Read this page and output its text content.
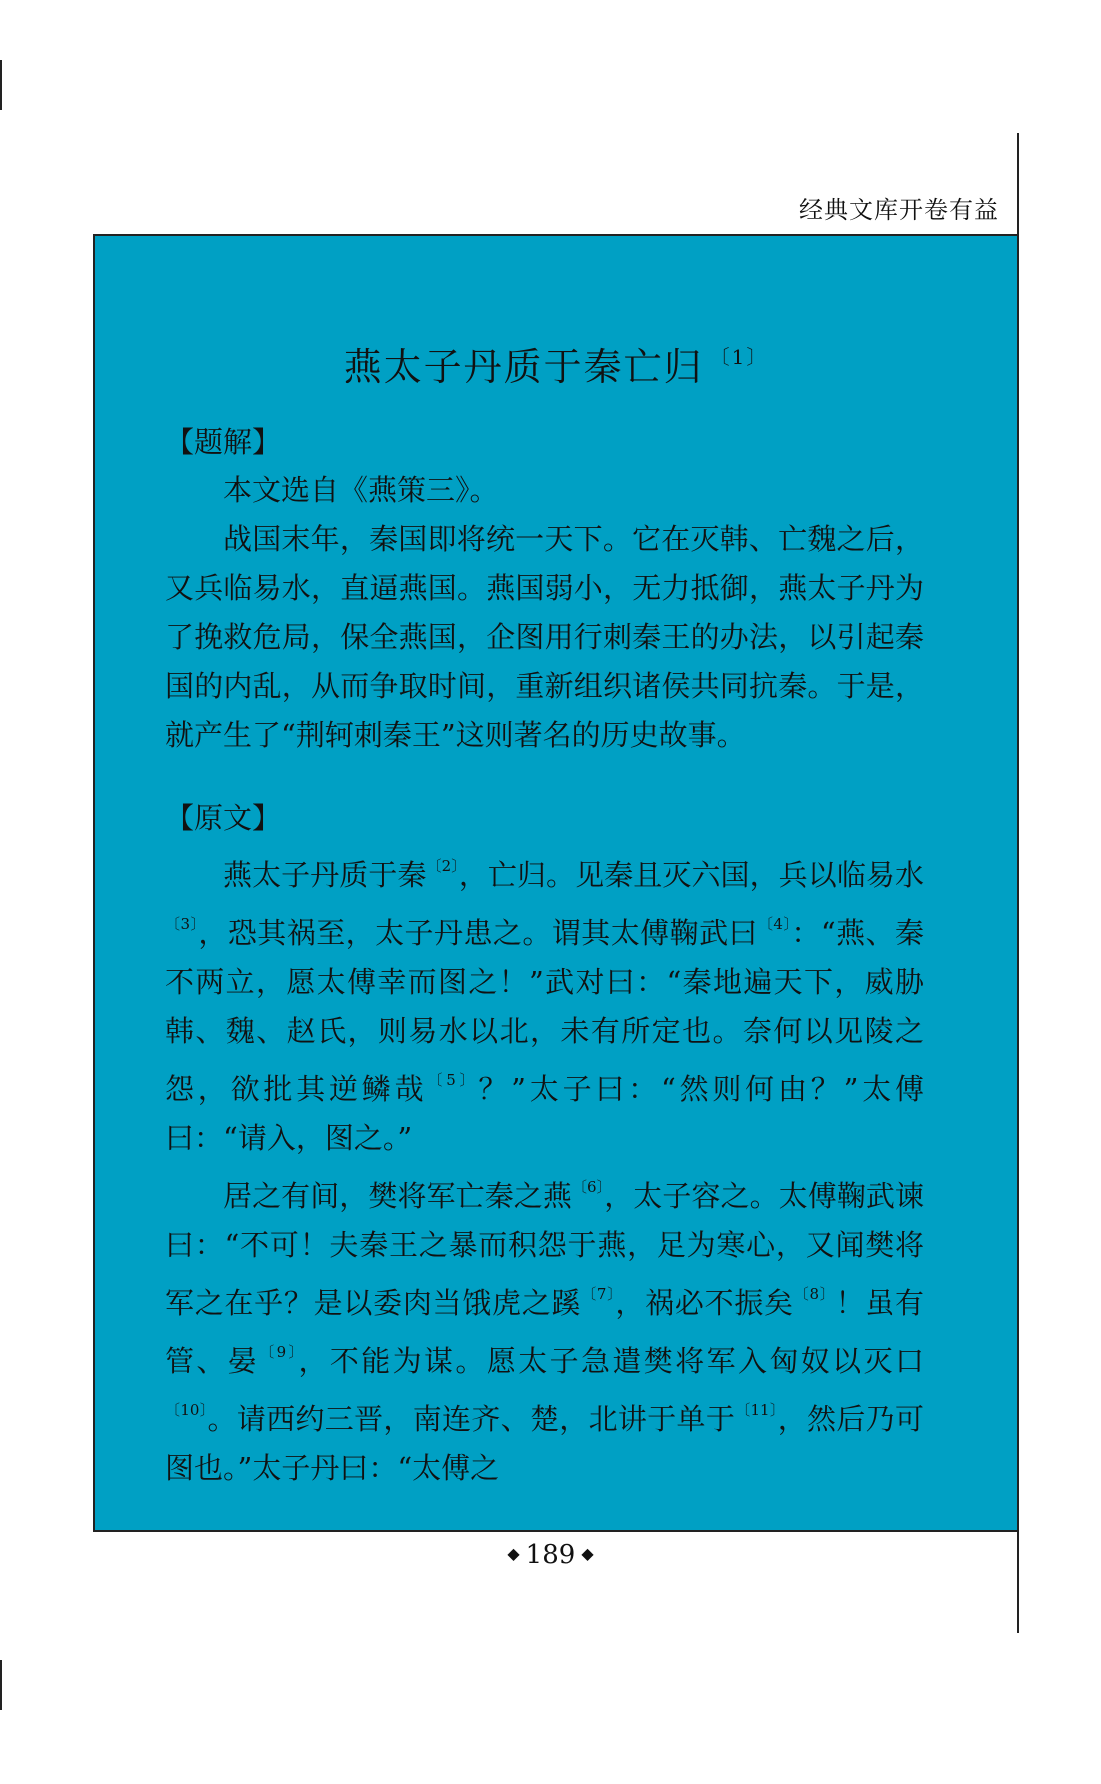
经典文库开卷有益
燕太子丹质于秦亡归 $^{〔1〕}$

【题解】

本文选自《燕策三》。

战国末年，秦国即将统一天下。它在灭韩、亡魏之后，又兵临易水，直逼燕国。燕国弱小，无力抵御，燕太子丹为了挽救危局，保全燕国，企图用行刺秦王的办法，以引起秦国的内乱，从而争取时间，重新组织诸侯共同抗秦。于是，就产生了“荆轲刺秦王”这则著名的历史故事。

【原文】

燕太子丹质于秦$^{〔2〕}$，亡归。见秦且灭六国，兵以临易水$^{〔3〕}$，恐其祸至，太子丹患之。谓其太傅鞠武曰$^{〔4〕}$：“燕、秦不两立，愿太傅幸而图之！”武对曰：“秦地遍天下，威胁韩、魏、赵氏，则易水以北，未有所定也。奈何以见陵之怨，欲批其逆鳞哉$^{〔5〕}$？”太子曰：“然则何由？”太傅曰：“请入，图之。”

居之有间，樊将军亡秦之燕$^{〔6〕}$，太子容之。太傅鞠武谏曰：“不可！夫秦王之暴而积怨于燕，足为寒心，又闻樊将军之在乎？是以委肉当饿虎之蹊$^{〔7〕}$，祸必不振矣$^{〔8〕}$！虽有管、晏$^{〔9〕}$，不能为谋。愿太子急遣樊将军入匈奴以灭口$^{〔10〕}$。请西约三晋，南连齐、楚，北讲于单于$^{〔11〕}$，然后乃可图也。”太子丹曰：“太傅之

◆ 189 ◆
